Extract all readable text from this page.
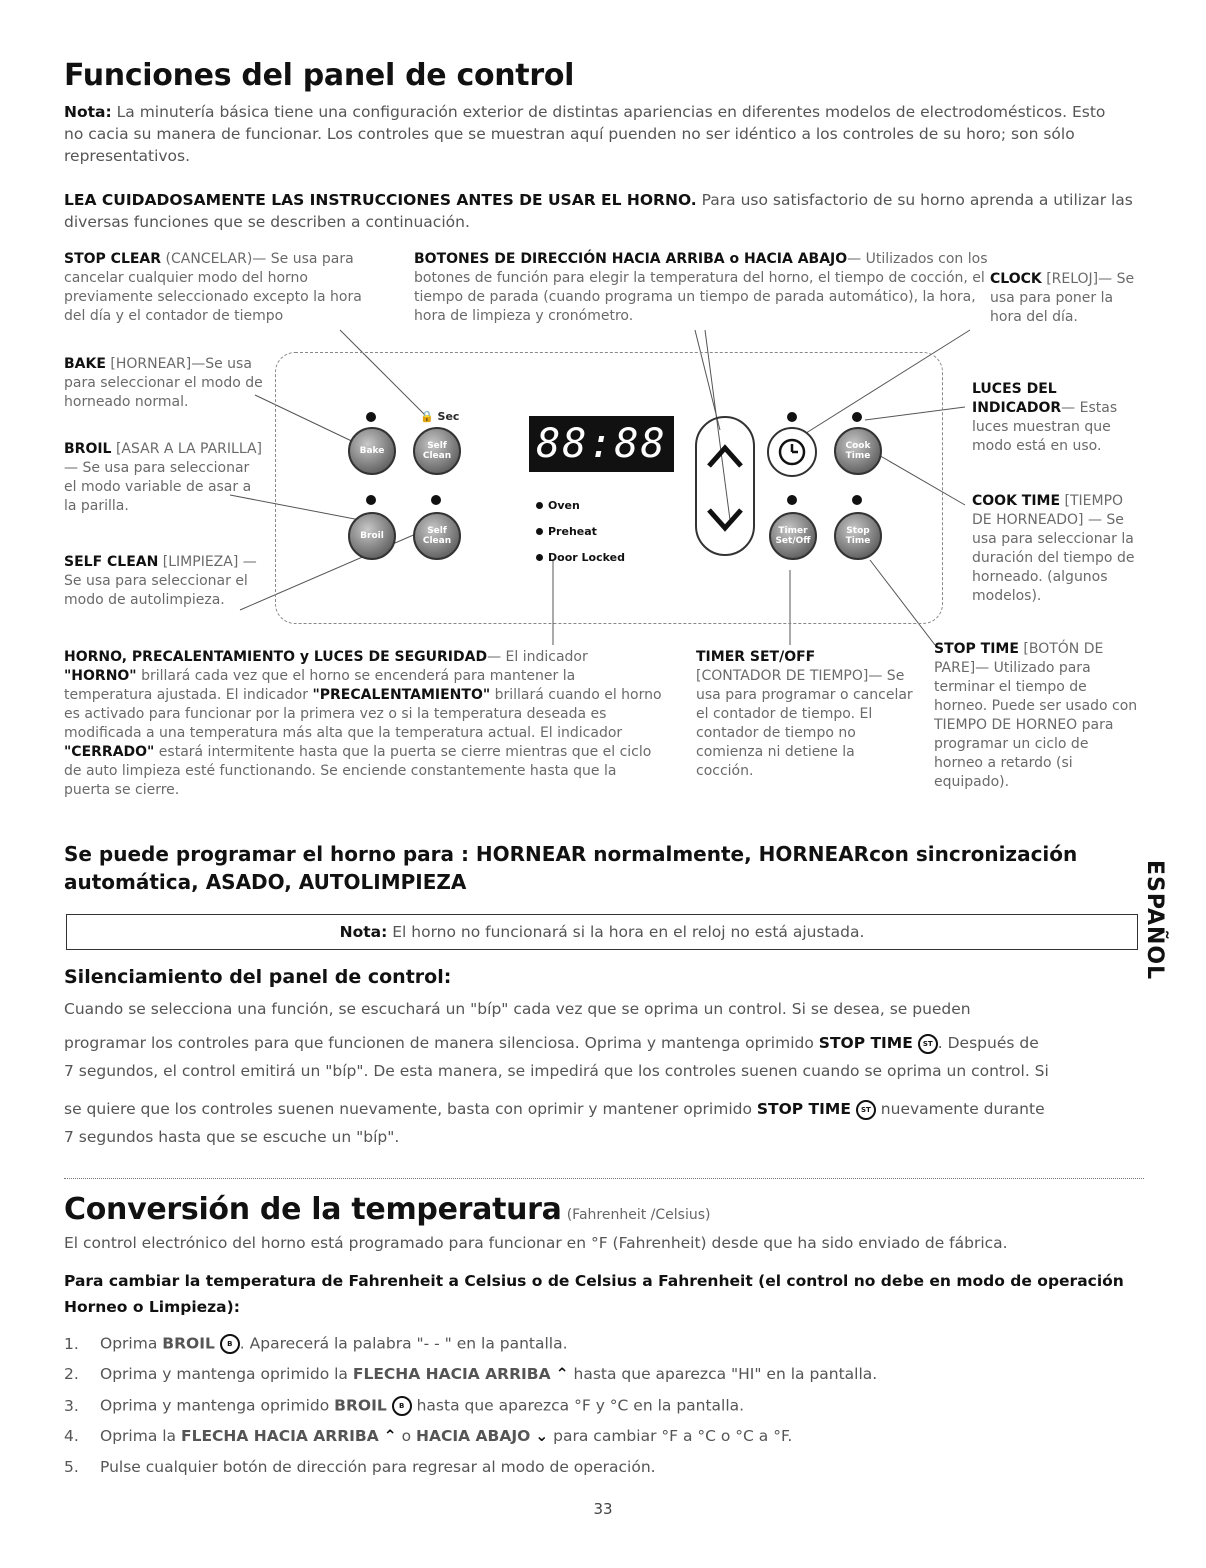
Funciones del panel de control
Nota: La minutería básica tiene una configuración exterior de distintas apariencias en diferentes modelos de electrodomésticos. Esto no cacia su manera de funcionar. Los controles que se muestran aquí puenden no ser idéntico a los controles de su horo; son sólo representativos.
LEA CUIDADOSAMENTE LAS INSTRUCCIONES ANTES DE USAR EL HORNO. Para uso satisfactorio de su horno aprenda a utilizar las diversas funciones que se describen a continuación.
STOP CLEAR (CANCELAR)— Se usa para cancelar cualquier modo del horno previamente seleccionado excepto la hora del día y el contador de tiempo
BOTONES DE DIRECCIÓN HACIA ARRIBA o HACIA ABAJO— Utilizados con los botones de función para elegir la temperatura del horno, el tiempo de cocción, el tiempo de parada (cuando programa un tiempo de parada automático), la hora, hora de limpieza y cronómetro.
CLOCK [RELOJ]— Se usa para poner la hora del día.
BAKE [HORNEAR]—Se usa para seleccionar el modo de horneado normal.
BROIL [ASAR A LA PARILLA]— Se usa para seleccionar el modo variable de asar a la parilla.
SELF CLEAN [LIMPIEZA] — Se usa para seleccionar el modo de autolimpieza.
LUCES DEL INDICADOR— Estas luces muestran que modo está en uso.
COOK TIME [TIEMPO DE HORNEADO] — Se usa para seleccionar la duración del tiempo de horneado. (algunos modelos).
HORNO, PRECALENTAMIENTO y LUCES DE SEGURIDAD— El indicador "HORNO" brillará cada vez que el horno se encenderá para mantener la temperatura ajustada. El indicador "PRECALENTAMIENTO" brillará cuando el horno es activado para funcionar por la primera vez o si la temperatura deseada es modificada a una temperatura más alta que la temperatura actual. El indicador "CERRADO" estará intermitente hasta que la puerta se cierre mientras que el ciclo de auto limpieza esté functionando. Se enciende constantemente hasta que la puerta se cierre.
TIMER SET/OFF
[CONTADOR DE TIEMPO]— Se usa para programar o cancelar el contador de tiempo. El contador de tiempo no comienza ni detiene la cocción.
STOP TIME [BOTÓN DE PARE]— Utilizado para terminar el tiempo de horneo. Puede ser usado con TIEMPO DE HORNEO para programar un ciclo de horneo a retardo (si equipado).
🔒 Sec
Bake	Self Clean
Broil	Self Clean
88:88
Oven
Preheat
Door Locked
Cook Time
Timer Set/Off
Stop Time
Se puede programar el horno para : HORNEAR normalmente, HORNEARcon sincronización automática, ASADO, AUTOLIMPIEZA	ESPAÑOL
Nota:
El horno no funcionará si la hora en el reloj no está ajustada.
Silenciamiento del panel de control:
Cuando se selecciona una función, se escuchará un "bíp" cada vez que se oprima un control. Si se desea, se pueden
programar los controles para que funcionen de manera silenciosa. Oprima y mantenga oprimido STOP TIME ST . Después de
7 segundos, el control emitirá un "bíp". De esta manera, se impedirá que los controles suenen cuando se oprima un control. Si
se quiere que los controles suenen nuevamente, basta con oprimir y mantener oprimido STOP TIME ST nuevamente durante
7 segundos hasta que se escuche un "bíp".
Conversión de la temperatura (Fahrenheit /Celsius)
El control electrónico del horno está programado para funcionar en °F (Fahrenheit) desde que ha sido enviado de fábrica.
Para cambiar la temperatura de Fahrenheit a Celsius o de Celsius a Fahrenheit (el control no debe en modo de operación Horneo o Limpieza):
1. Oprima BROIL B . Aparecerá la palabra "- - " en la pantalla.
2. Oprima y mantenga oprimido la FLECHA HACIA ARRIBA ⌃ hasta que aparezca "HI" en la pantalla.
3. Oprima y mantenga oprimido BROIL B hasta que aparezca °F y °C en la pantalla.
4. Oprima la FLECHA HACIA ARRIBA ⌃ o HACIA ABAJO ⌄ para cambiar °F a °C o °C a °F.
5. Pulse cualquier botón de dirección para regresar al modo de operación.
33
